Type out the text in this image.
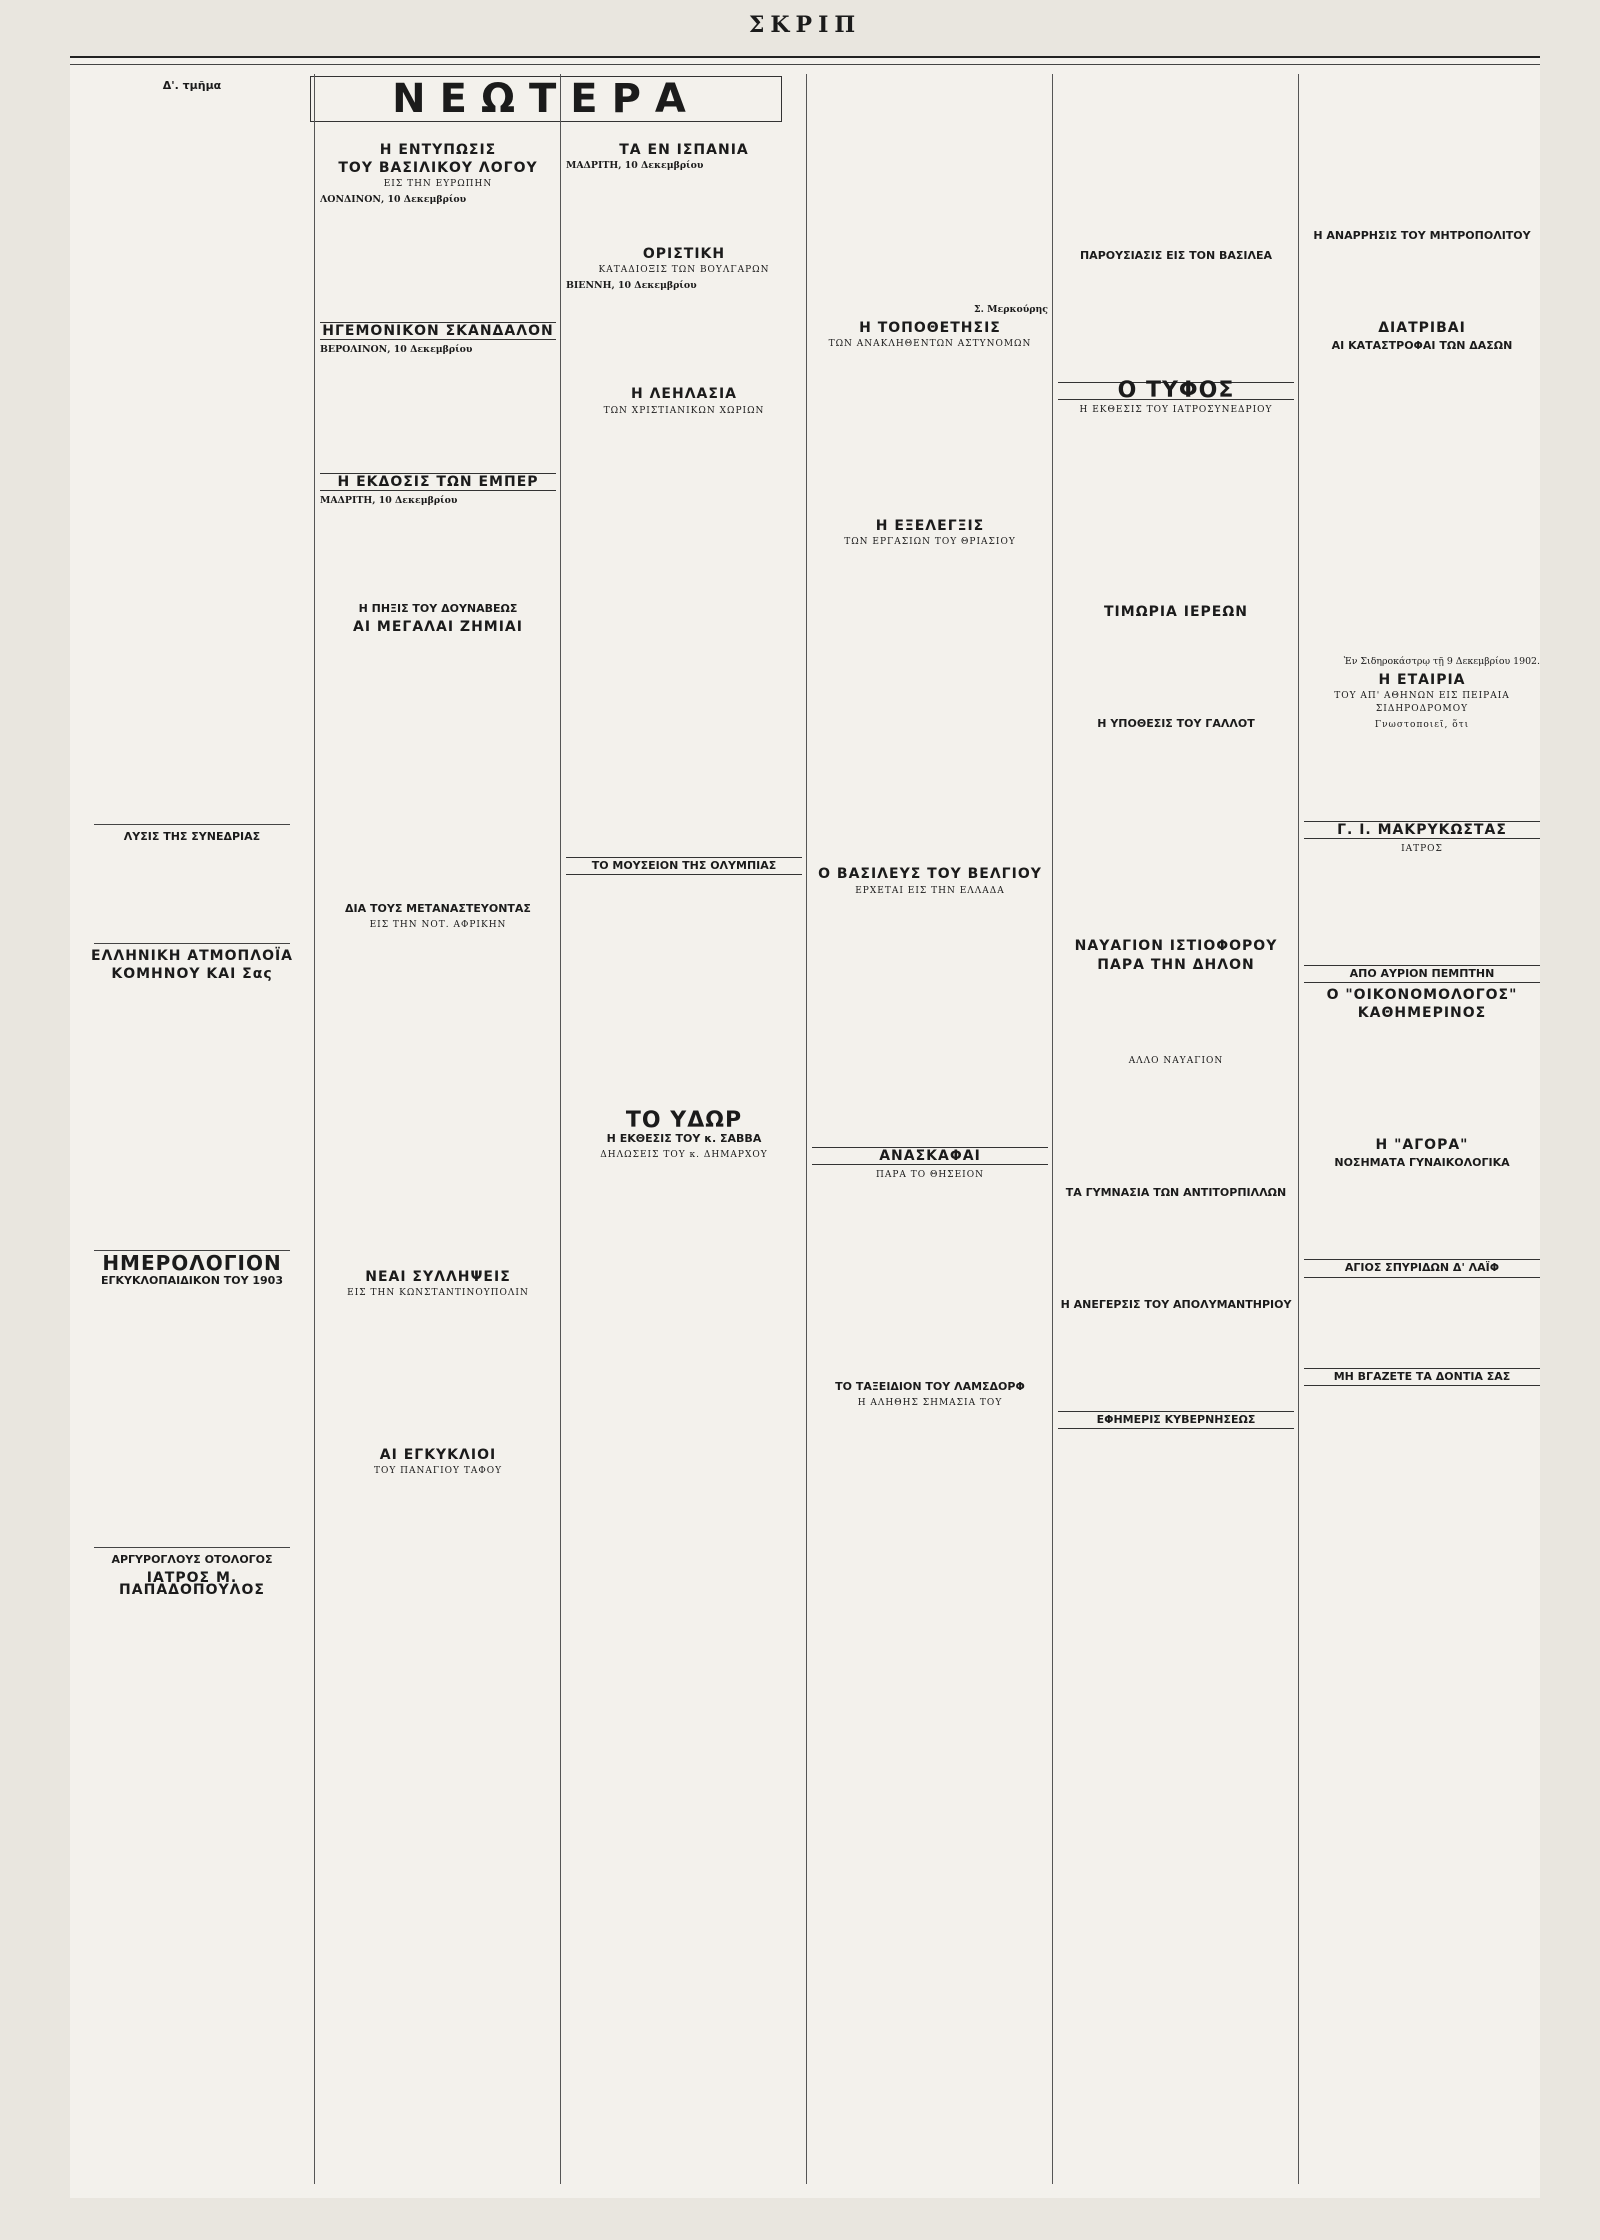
ΣΚΡΙΠ
ΝΕΩΤΕΡΑ
Δ'. τμῆμα

ΛΥΣΙΣ ΤΗΣ ΣΥΝΕΔΡΙΑΣ
ΕΛΛΗΝΙΚΗ ΑΤΜΟΠΛΟΪΑ
ΚΟΜΗΝΟΥ ΚΑΙ Σας
ΗΜΕΡΟΛΟΓΙΟΝ
ΕΓΚΥΚΛΟΠΑΙΔΙΚΟΝ ΤΟΥ 1903
ΑΡΓΥΡΟΓΛΟΥΣ ΟΤΟΛΟΓΟΣ
ΙΑΤΡΟΣ Μ. ΠΑΠΑΔΟΠΟΥΛΟΣ
Η ΕΝΤΥΠΩΣΙΣ
ΤΟΥ ΒΑΣΙΛΙΚΟΥ ΛΟΓΟΥ
ΕΙΣ ΤΗΝ ΕΥΡΩΠΗΝ
ΛΟΝΔΙΝΟΝ, 10 Δεκεμβρίου
ΗΓΕΜΟΝΙΚΟΝ ΣΚΑΝΔΑΛΟΝ
ΒΕΡΟΛΙΝΟΝ, 10 Δεκεμβρίου
Η ΕΚΔΟΣΙΣ ΤΩΝ ΕΜΠΕΡ
ΜΑΔΡΙΤΗ, 10 Δεκεμβρίου
Η ΠΗΞΙΣ ΤΟΥ ΔΟΥΝΑΒΕΩΣ
ΑΙ ΜΕΓΑΛΑΙ ΖΗΜΙΑΙ
ΔΙΑ ΤΟΥΣ ΜΕΤΑΝΑΣΤΕΥΟΝΤΑΣ
ΕΙΣ ΤΗΝ ΝΟΤ. ΑΦΡΙΚΗΝ
ΝΕΑΙ ΣΥΛΛΗΨΕΙΣ
ΕΙΣ ΤΗΝ ΚΩΝΣΤΑΝΤΙΝΟΥΠΟΛΙΝ
ΑΙ ΕΓΚΥΚΛΙΟΙ
ΤΟΥ ΠΑΝΑΓΙΟΥ ΤΑΦΟΥ
ΤΑ ΕΝ ΙΣΠΑΝΙΑ
ΜΑΔΡΙΤΗ, 10 Δεκεμβρίου
ΟΡΙΣΤΙΚΗ
ΚΑΤΑΔΙΟΞΙΣ ΤΩΝ ΒΟΥΛΓΑΡΩΝ
ΒΙΕΝΝΗ, 10 Δεκεμβρίου
Η ΛΕΗΛΑΣΙΑ
ΤΩΝ ΧΡΙΣΤΙΑΝΙΚΩΝ ΧΩΡΙΩΝ
ΤΟ ΜΟΥΣΕΙΟΝ ΤΗΣ ΟΛΥΜΠΙΑΣ
ΤΟ ΥΔΩΡ
Η ΕΚΘΕΣΙΣ ΤΟΥ κ. ΣΑΒΒΑ
ΔΗΛΩΣΕΙΣ ΤΟΥ κ. ΔΗΜΑΡΧΟΥ
Σ. Μερκούρης
Η ΤΟΠΟΘΕΤΗΣΙΣ
ΤΩΝ ΑΝΑΚΛΗΘΕΝΤΩΝ ΑΣΤΥΝΟΜΩΝ
Η ΕΞΕΛΕΓΞΙΣ
ΤΩΝ ΕΡΓΑΣΙΩΝ ΤΟΥ ΘΡΙΑΣΙΟΥ
Ο ΒΑΣΙΛΕΥΣ ΤΟΥ ΒΕΛΓΙΟΥ
ΕΡΧΕΤΑΙ ΕΙΣ ΤΗΝ ΕΛΛΑΔΑ
ΑΝΑΣΚΑΦΑΙ
ΠΑΡΑ ΤΟ ΘΗΣΕΙΟΝ
ΤΟ ΤΑΞΕΙΔΙΟΝ ΤΟΥ ΛΑΜΣΔΟΡΦ
Η ΑΛΗΘΗΣ ΣΗΜΑΣΙΑ ΤΟΥ
ΠΑΡΟΥΣΙΑΣΙΣ ΕΙΣ ΤΟΝ ΒΑΣΙΛΕΑ
Ο ΤΥΦΟΣ
Η ΕΚΘΕΣΙΣ ΤΟΥ ΙΑΤΡΟΣΥΝΕΔΡΙΟΥ
ΤΙΜΩΡΙΑ ΙΕΡΕΩΝ
Η ΥΠΟΘΕΣΙΣ ΤΟΥ ΓΑΛΛΟΤ
ΝΑΥΑΓΙΟΝ ΙΣΤΙΟΦΟΡΟΥ
ΠΑΡΑ ΤΗΝ ΔΗΛΟΝ
ΑΛΛΟ ΝΑΥΑΓΙΟΝ
ΤΑ ΓΥΜΝΑΣΙΑ ΤΩΝ ΑΝΤΙΤΟΡΠΙΛΛΩΝ
Η ΑΝΕΓΕΡΣΙΣ ΤΟΥ ΑΠΟΛΥΜΑΝΤΗΡΙΟΥ
ΕΦΗΜΕΡΙΣ ΚΥΒΕΡΝΗΣΕΩΣ
Η ΑΝΑΡΡΗΣΙΣ ΤΟΥ ΜΗΤΡΟΠΟΛΙΤΟΥ
ΔΙΑΤΡΙΒΑΙ
ΑΙ ΚΑΤΑΣΤΡΟΦΑΙ ΤΩΝ ΔΑΣΩΝ
Ἐν Σιδηροκάστρῳ τῇ 9 Δεκεμβρίου 1902.
Η ΕΤΑΙΡΙΑ
ΤΟΥ ΑΠ' ΑΘΗΝΩΝ ΕΙΣ ΠΕΙΡΑΙΑ ΣΙΔΗΡΟΔΡΟΜΟΥ
Γνωστοποιεῖ, ὅτι
Γ. Ι. ΜΑΚΡΥΚΩΣΤΑΣ
ΙΑΤΡΟΣ
ΑΠΟ ΑΥΡΙΟΝ ΠΕΜΠΤΗΝ
Ο "ΟΙΚΟΝΟΜΟΛΟΓΟΣ"
ΚΑΘΗΜΕΡΙΝΟΣ
Η "ΑΓΟΡΑ"
ΝΟΣΗΜΑΤΑ ΓΥΝΑΙΚΟΛΟΓΙΚΑ
ΑΓΙΟΣ ΣΠΥΡΙΔΩΝ Δ' ΛΑΪΦ
ΜΗ ΒΓΑΖΕΤΕ ΤΑ ΔΟΝΤΙΑ ΣΑΣ
